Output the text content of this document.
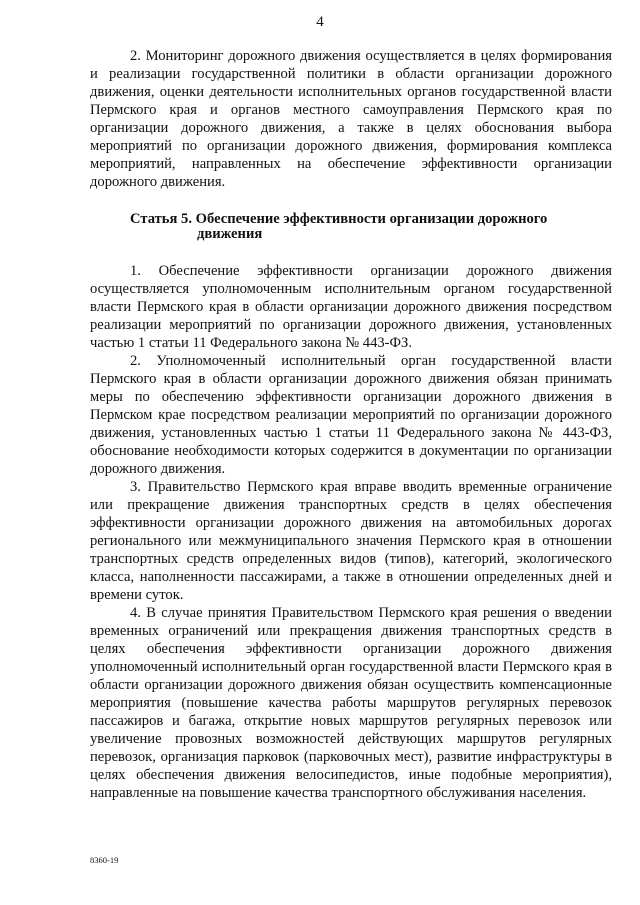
4

2. Мониторинг дорожного движения осуществляется в целях формирования и реализации государственной политики в области организации дорожного движения, оценки деятельности исполнительных органов государственной власти Пермского края и органов местного самоуправления Пермского края по организации дорожного движения, а также в целях обоснования выбора мероприятий по организации дорожного движения, формирования комплекса мероприятий, направленных на обеспечение эффективности организации дорожного движения.

Статья 5. Обеспечение эффективности организации дорожного
движения

1. Обеспечение эффективности организации дорожного движения осуществляется уполномоченным исполнительным органом государственной власти Пермского края в области организации дорожного движения посредством реализации мероприятий по организации дорожного движения, установленных частью 1 статьи 11 Федерального закона № 443-ФЗ.

2. Уполномоченный исполнительный орган государственной власти Пермского края в области организации дорожного движения обязан принимать меры по обеспечению эффективности организации дорожного движения в Пермском крае посредством реализации мероприятий по организации дорожного движения, установленных частью 1 статьи 11 Федерального закона № 443-ФЗ, обоснование необходимости которых содержится в документации по организации дорожного движения.

3. Правительство Пермского края вправе вводить временные ограничение или прекращение движения транспортных средств в целях обеспечения эффективности организации дорожного движения на автомобильных дорогах регионального или межмуниципального значения Пермского края в отношении транспортных средств определенных видов (типов), категорий, экологического класса, наполненности пассажирами, а также в отношении определенных дней и времени суток.

4. В случае принятия Правительством Пермского края решения о введении временных ограничений или прекращения движения транспортных средств в целях обеспечения эффективности организации дорожного движения уполномоченный исполнительный орган государственной власти Пермского края в области организации дорожного движения обязан осуществить компенсационные мероприятия (повышение качества работы маршрутов регулярных перевозок пассажиров и багажа, открытие новых маршрутов регулярных перевозок или увеличение провозных возможностей действующих маршрутов регулярных перевозок, организация парковок (парковочных мест), развитие инфраструктуры в целях обеспечения движения велосипедистов, иные подобные мероприятия), направленные на повышение качества транспортного обслуживания населения.

8360-19
